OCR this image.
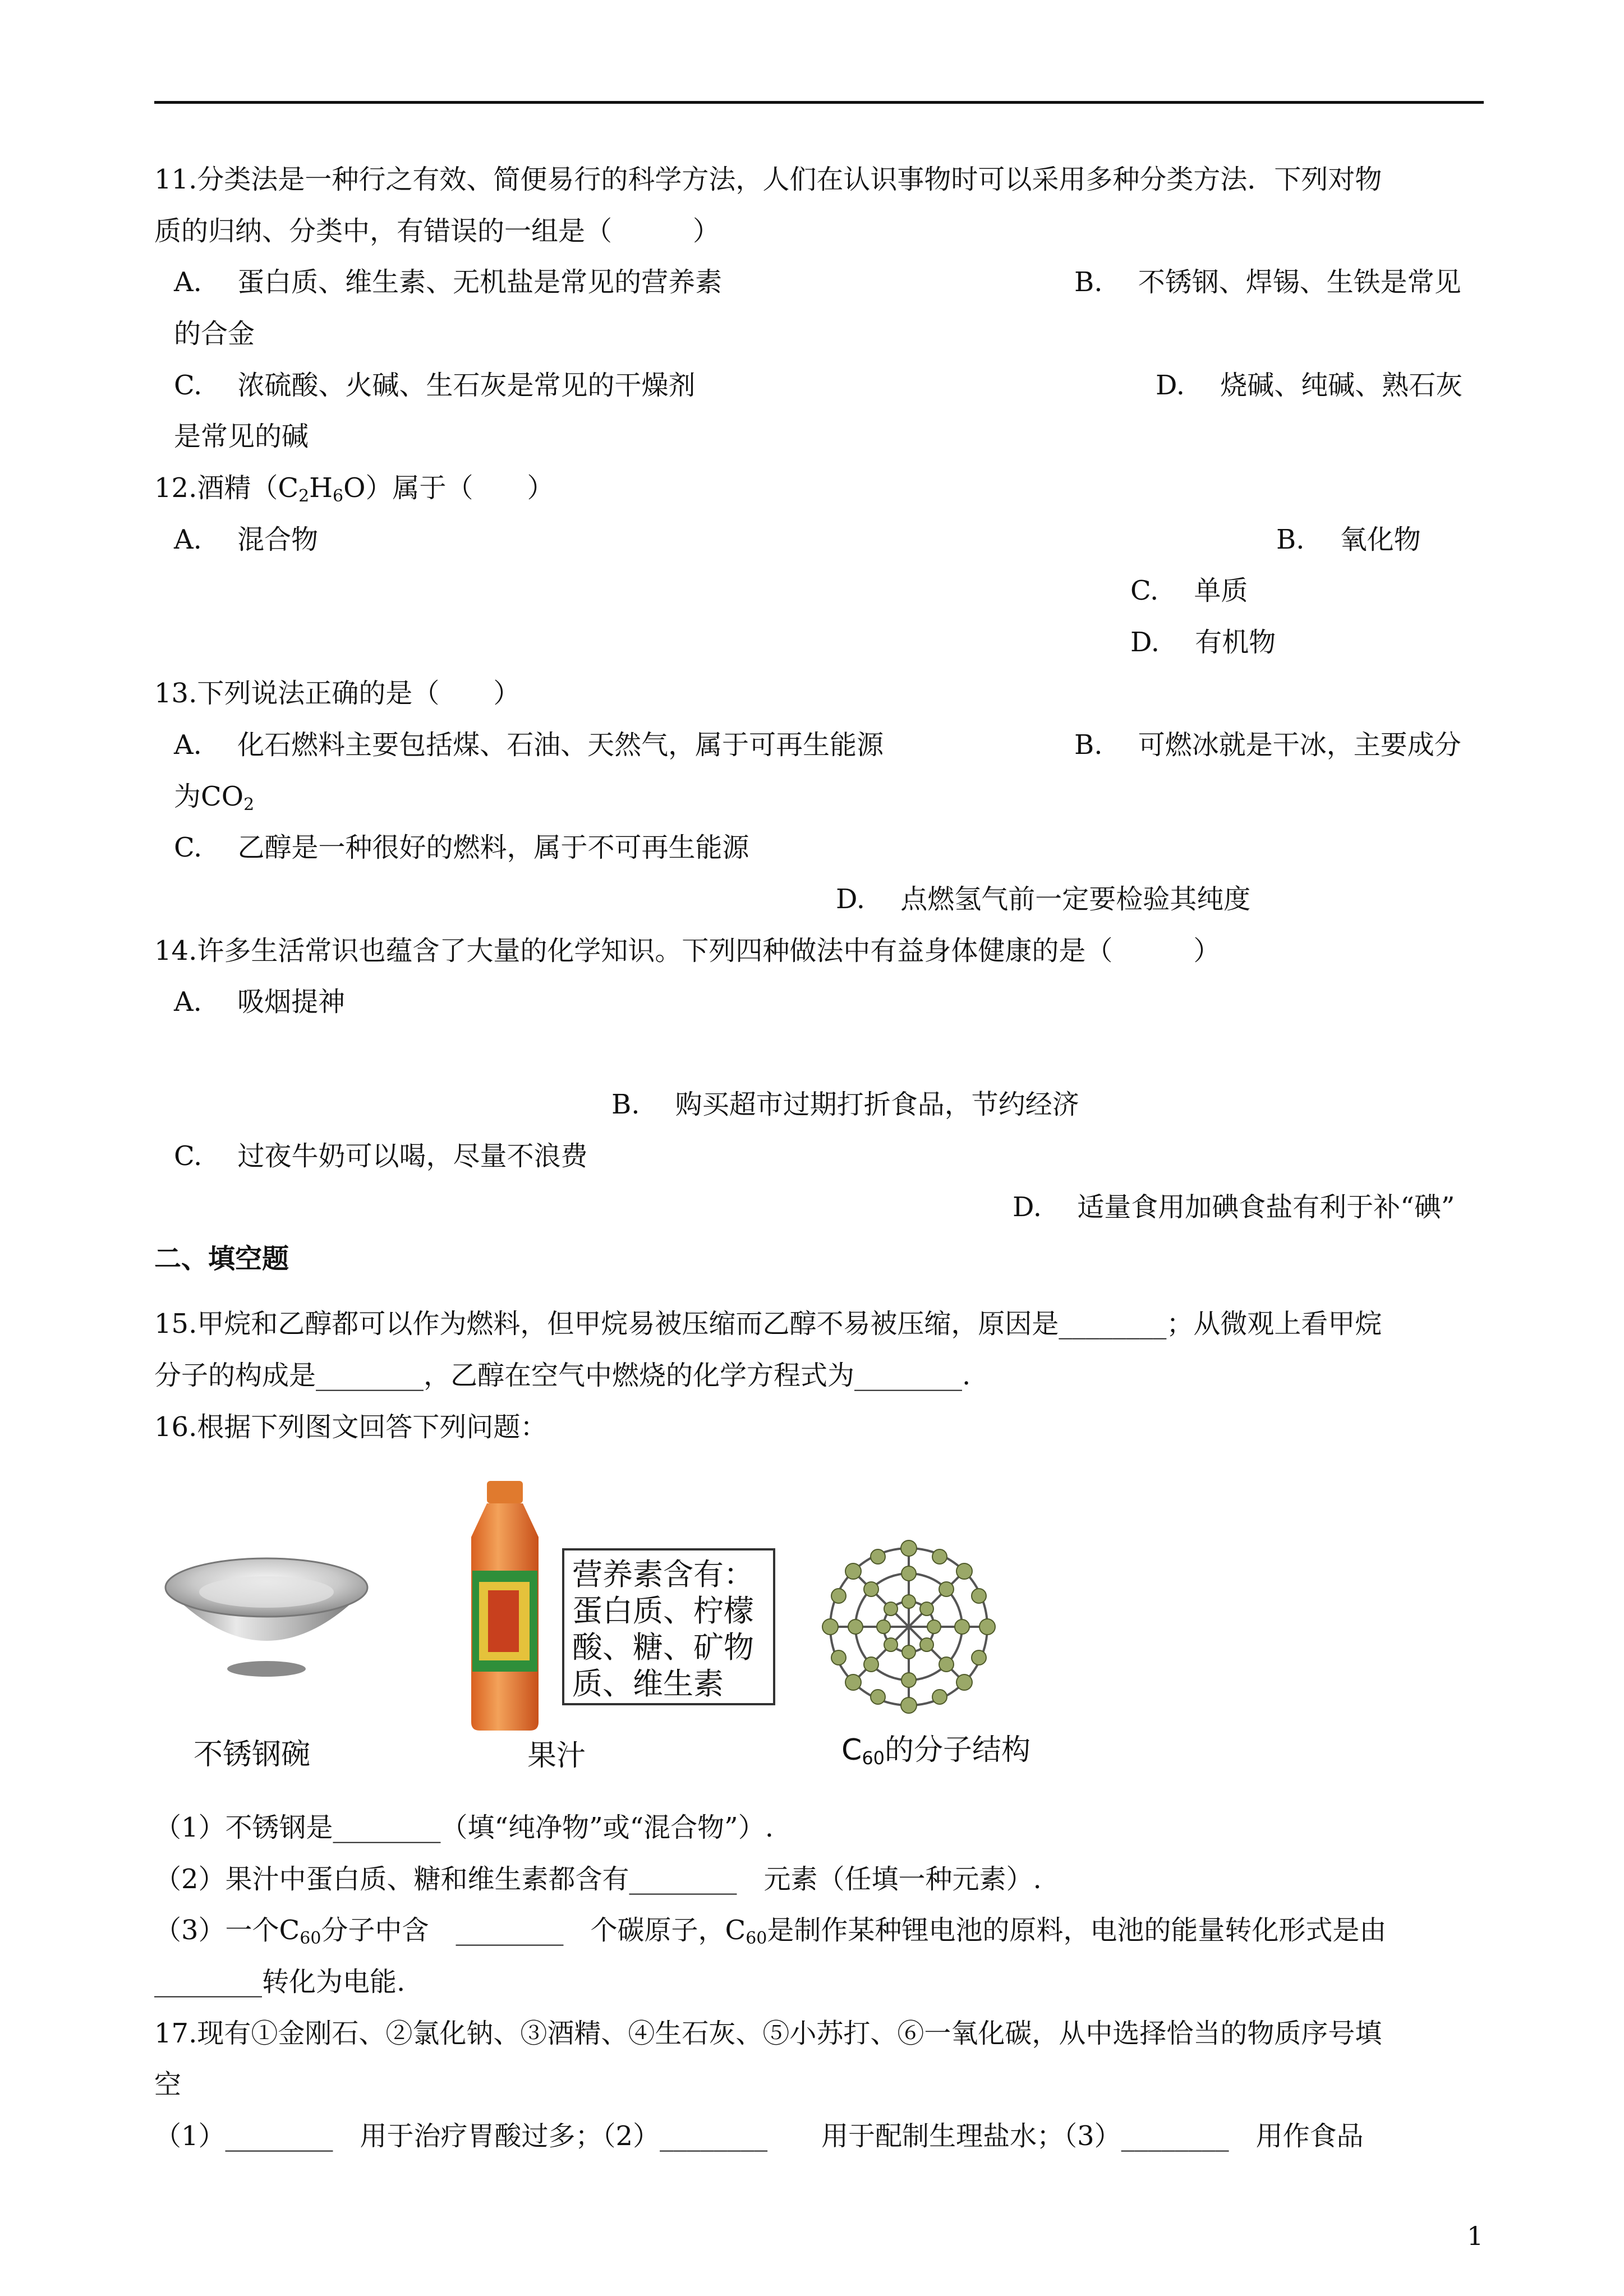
11.分类法是一种行之有效、简便易行的科学方法，人们在认识事物时可以采用多种分类方法．下列对物
质的归纳、分类中，有错误的一组是（　　　）
A.　 蛋白质、维生素、无机盐是常见的营养素	B.　 不锈钢、焊锡、生铁是常见
的合金
C.　 浓硫酸、火碱、生石灰是常见的干燥剂	D.　 烧碱、纯碱、熟石灰
是常见的碱
12.酒精$(C_2H_6O)$属于（　　）
A.　 混合物	B.　 氧化物
C.　 单质
D.　 有机物
13.下列说法正确的是（　　）
A.　 化石燃料主要包括煤、石油、天然气，属于可再生能源	B.　 可燃冰就是干冰，主要成分
为$CO_2$
C.　 乙醇是一种很好的燃料，属于不可再生能源
D.　 点燃氢气前一定要检验其纯度
14.许多生活常识也蕴含了大量的化学知识。下列四种做法中有益身体健康的是（　　　）
A.　 吸烟提神
B.　 购买超市过期打折食品，节约经济
C.　 过夜牛奶可以喝，尽量不浪费
D.　 适量食用加碘食盐有利于补“碘”
二、填空题
15.甲烷和乙醇都可以作为燃料，但甲烷易被压缩而乙醇不易被压缩，原因是________；从微观上看甲烷
分子的构成是________，乙醇在空气中燃烧的化学方程式为________.
16.根据下列图文回答下列问题：
不锈钢碗	果汁
营养素含有：
蛋白质、柠檬
酸、糖、矿物
质、维生素
$C_{60}$的分子结构
（1）不锈钢是________（填“纯净物”或“混合物”）.
（2）果汁中蛋白质、糖和维生素都含有________　元素（任填一种元素）.
（3）一个$C_{60}$分子中含　________　个碳原子，$C_{60}$是制作某种锂电池的原料，电池的能量转化形式是由
________转化为电能.
17.现有①金刚石、②氯化钠、③酒精、④生石灰、⑤小苏打、⑥一氧化碳，从中选择恰当的物质序号填
空
（1）________　用于治疗胃酸过多；（2）________　　用于配制生理盐水；（3）________　用作食品
1
